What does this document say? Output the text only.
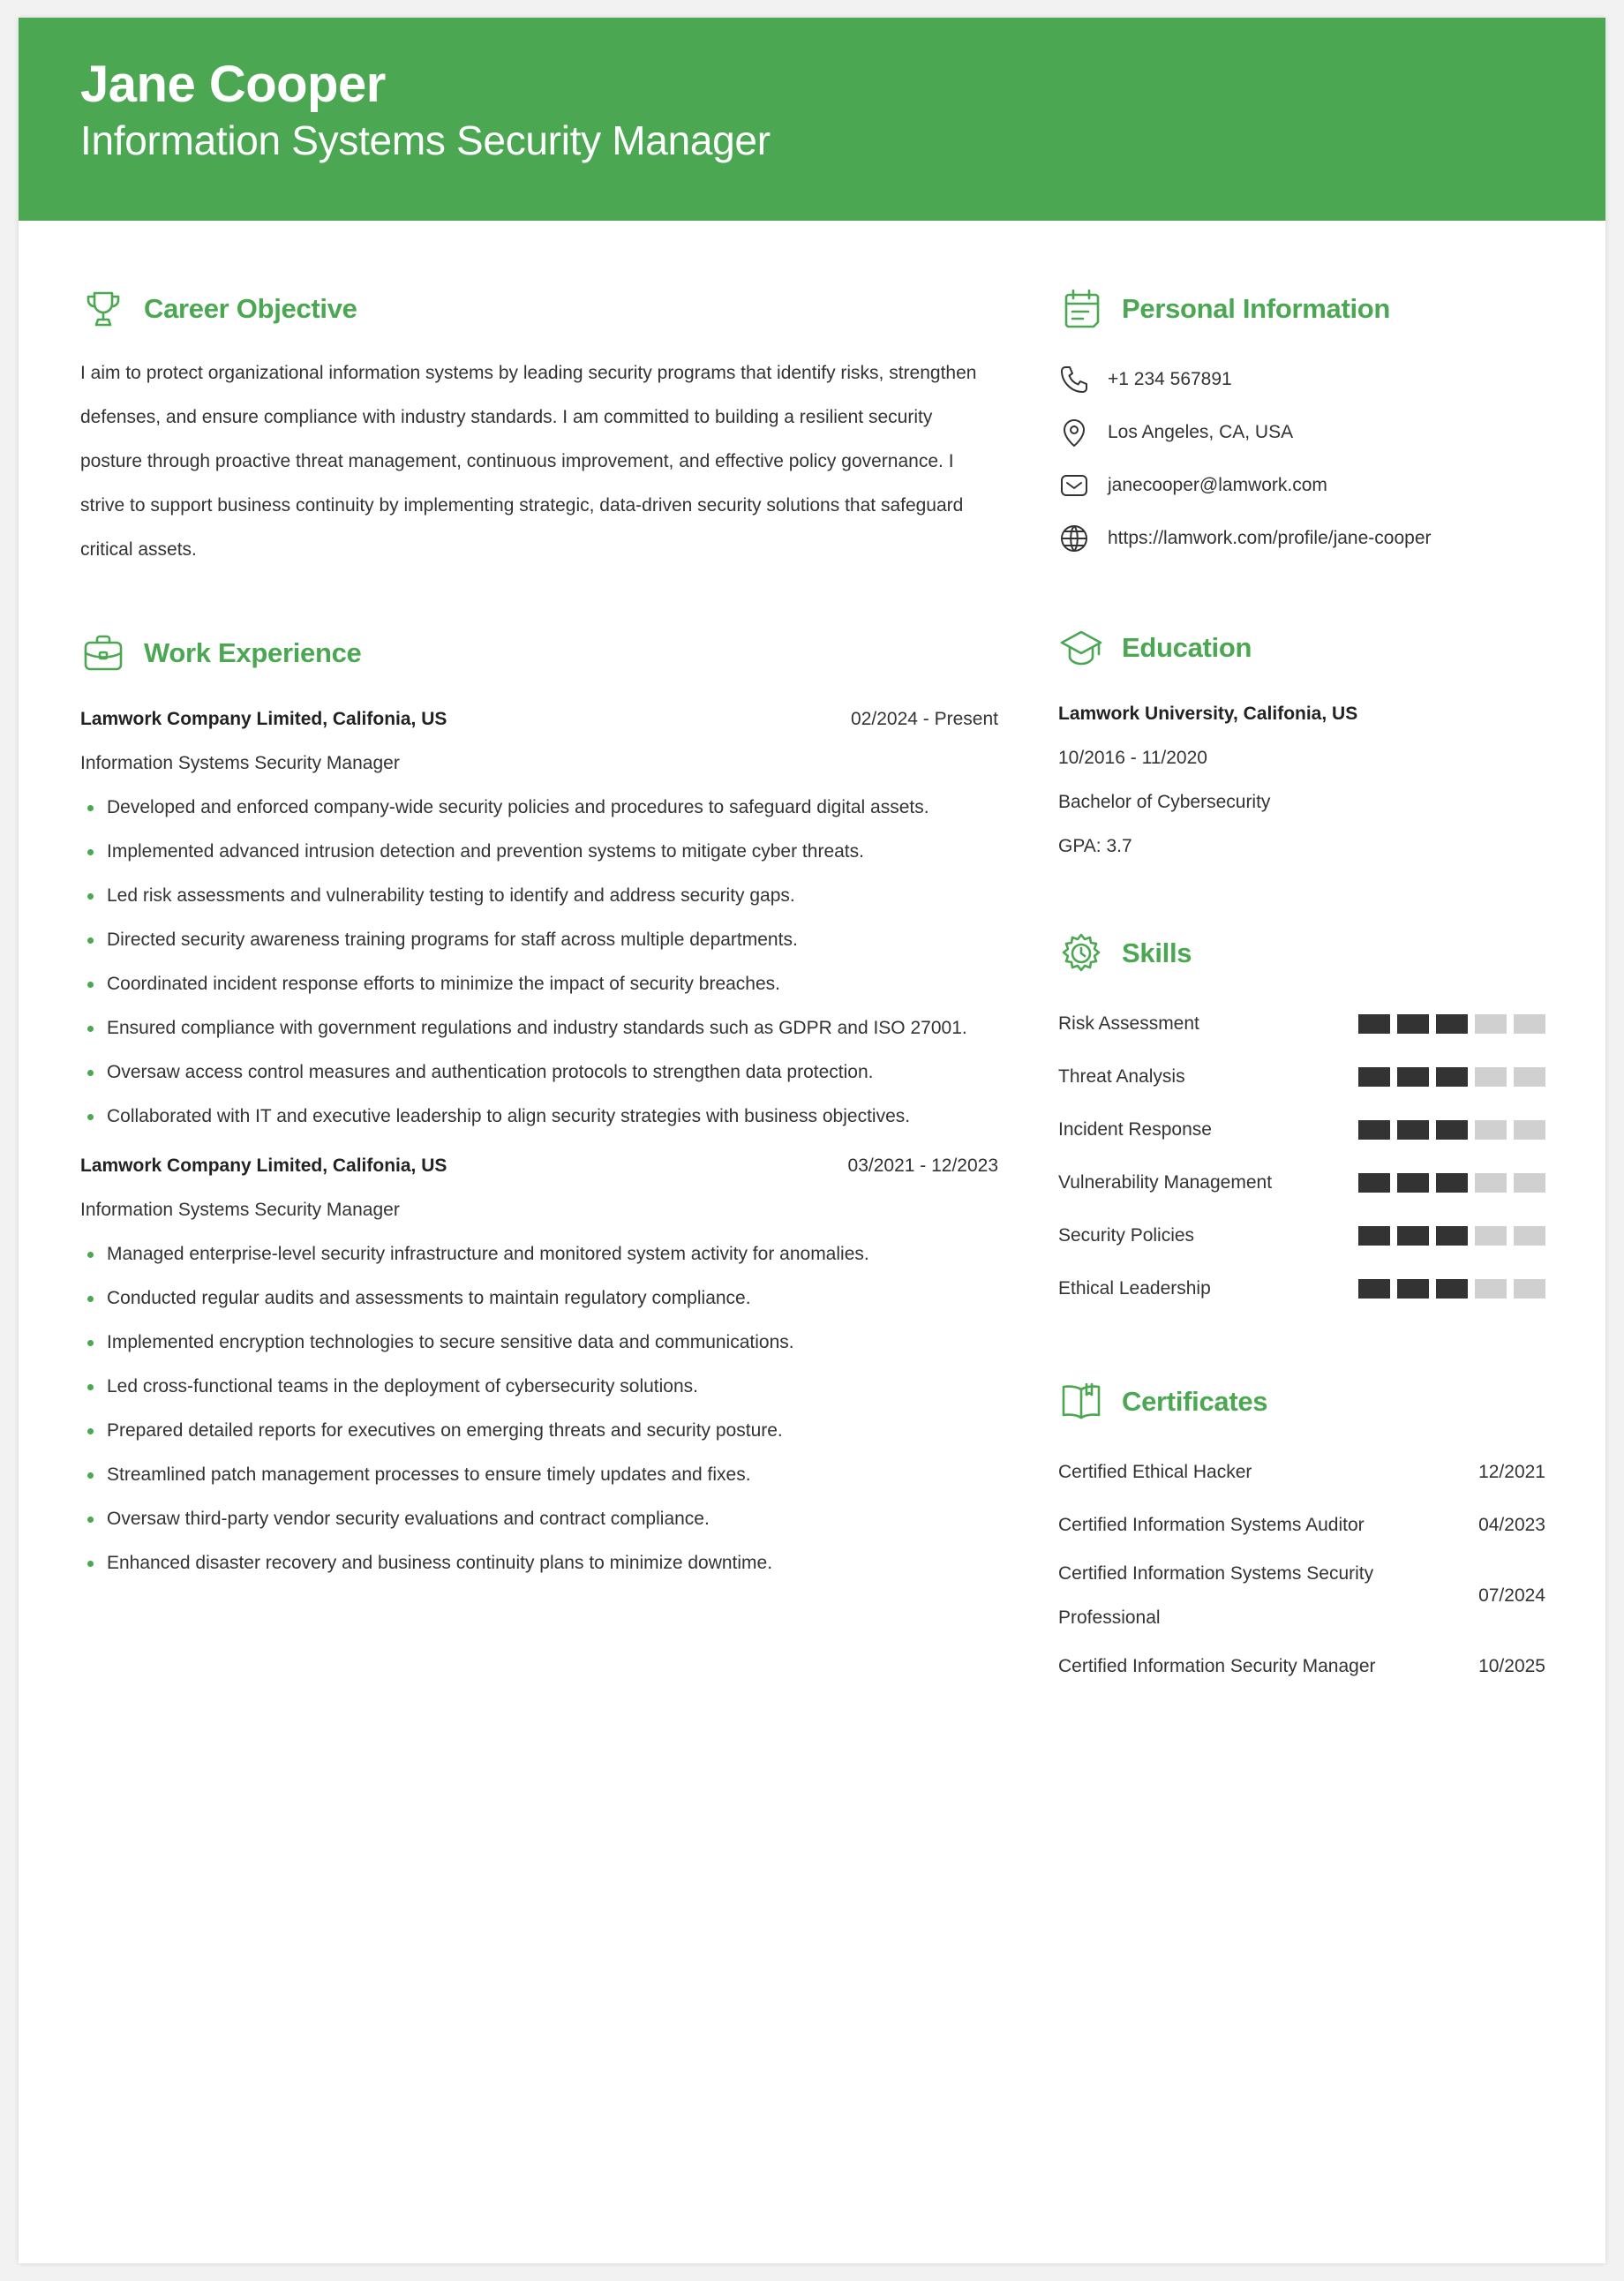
Jane Cooper
Information Systems Security Manager
Career Objective

I aim to protect organizational information systems by leading security programs that identify risks, strengthen defenses, and ensure compliance with industry standards. I am committed to building a resilient security posture through proactive threat management, continuous improvement, and effective policy governance. I strive to support business continuity by implementing strategic, data-driven security solutions that safeguard critical assets.

Work Experience
Lamwork Company Limited, Califonia, US	02/2024 - Present
Information Systems Security Manager
Developed and enforced company-wide security policies and procedures to safeguard digital assets.
Implemented advanced intrusion detection and prevention systems to mitigate cyber threats.
Led risk assessments and vulnerability testing to identify and address security gaps.
Directed security awareness training programs for staff across multiple departments.
Coordinated incident response efforts to minimize the impact of security breaches.
Ensured compliance with government regulations and industry standards such as GDPR and ISO 27001.
Oversaw access control measures and authentication protocols to strengthen data protection.
Collaborated with IT and executive leadership to align security strategies with business objectives.
Lamwork Company Limited, Califonia, US	03/2021 - 12/2023
Information Systems Security Manager
Managed enterprise-level security infrastructure and monitored system activity for anomalies.
Conducted regular audits and assessments to maintain regulatory compliance.
Implemented encryption technologies to secure sensitive data and communications.
Led cross-functional teams in the deployment of cybersecurity solutions.
Prepared detailed reports for executives on emerging threats and security posture.
Streamlined patch management processes to ensure timely updates and fixes.
Oversaw third-party vendor security evaluations and contract compliance.
Enhanced disaster recovery and business continuity plans to minimize downtime.
Personal Information
+1 234 567891
Los Angeles, CA, USA
janecooper@lamwork.com
https://lamwork.com/profile/jane-cooper
Education
Lamwork University, Califonia, US
10/2016 - 11/2020
Bachelor of Cybersecurity
GPA: 3.7
Skills
Risk Assessment
Threat Analysis
Incident Response
Vulnerability Management
Security Policies
Ethical Leadership
Certificates
Certified Ethical Hacker	12/2021
Certified Information Systems Auditor	04/2023
Certified Information Systems Security Professional
07/2024
Certified Information Security Manager	10/2025
